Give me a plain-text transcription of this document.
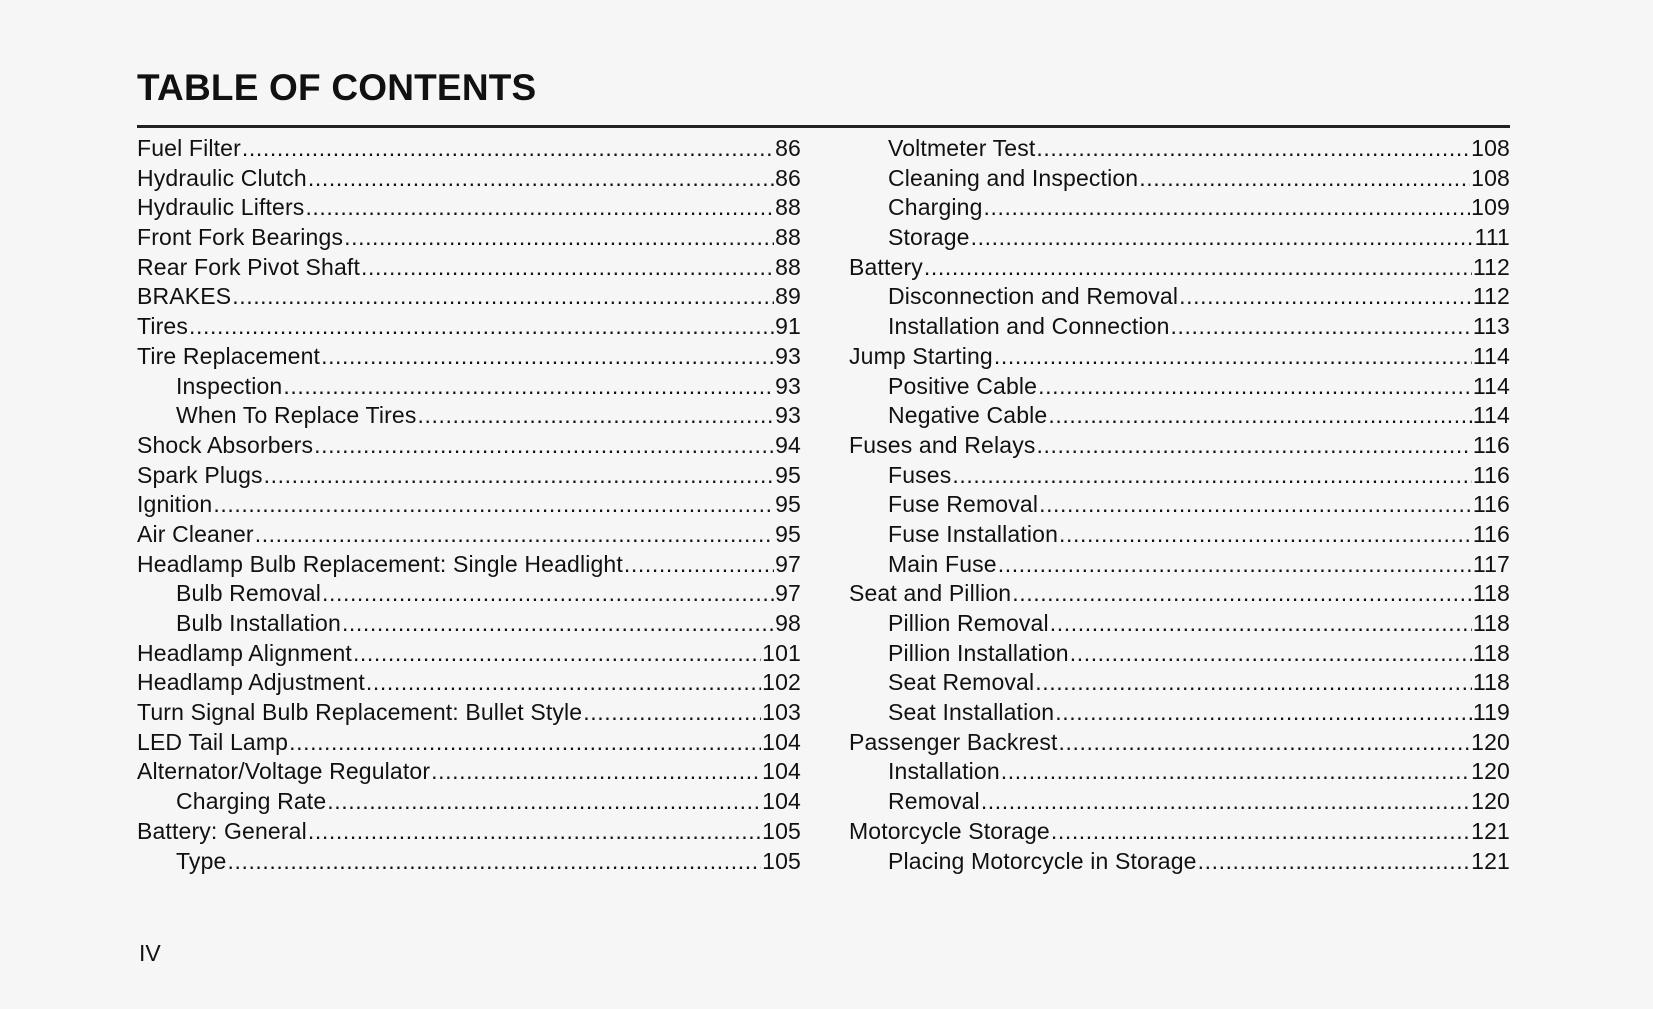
TABLE OF CONTENTS
Fuel Filter .....	86
Hydraulic Clutch .....	86
Hydraulic Lifters .....	88
Front Fork Bearings .....	88
Rear Fork Pivot Shaft .....	88
BRAKES .....	89
Tires .....	91
Tire Replacement .....	93
Inspection .....	93
When To Replace Tires .....	93
Shock Absorbers .....	94
Spark Plugs .....	95
Ignition .....	95
Air Cleaner .....	95
Headlamp Bulb Replacement: Single Headlight .....	97
Bulb Removal .....	97
Bulb Installation .....	98
Headlamp Alignment .....	101
Headlamp Adjustment .....	102
Turn Signal Bulb Replacement: Bullet Style .....	103
LED Tail Lamp .....	104
Alternator/Voltage Regulator .....	104
Charging Rate .....	104
Battery: General .....	105
Type .....	105
Voltmeter Test .....	108
Cleaning and Inspection .....	108
Charging .....	109
Storage .....	111
Battery .....	112
Disconnection and Removal .....	112
Installation and Connection .....	113
Jump Starting .....	114
Positive Cable .....	114
Negative Cable .....	114
Fuses and Relays .....	116
Fuses .....	116
Fuse Removal .....	116
Fuse Installation .....	116
Main Fuse .....	117
Seat and Pillion .....	118
Pillion Removal .....	118
Pillion Installation .....	118
Seat Removal .....	118
Seat Installation .....	119
Passenger Backrest .....	120
Installation .....	120
Removal .....	120
Motorcycle Storage .....	121
Placing Motorcycle in Storage .....	121
IV
